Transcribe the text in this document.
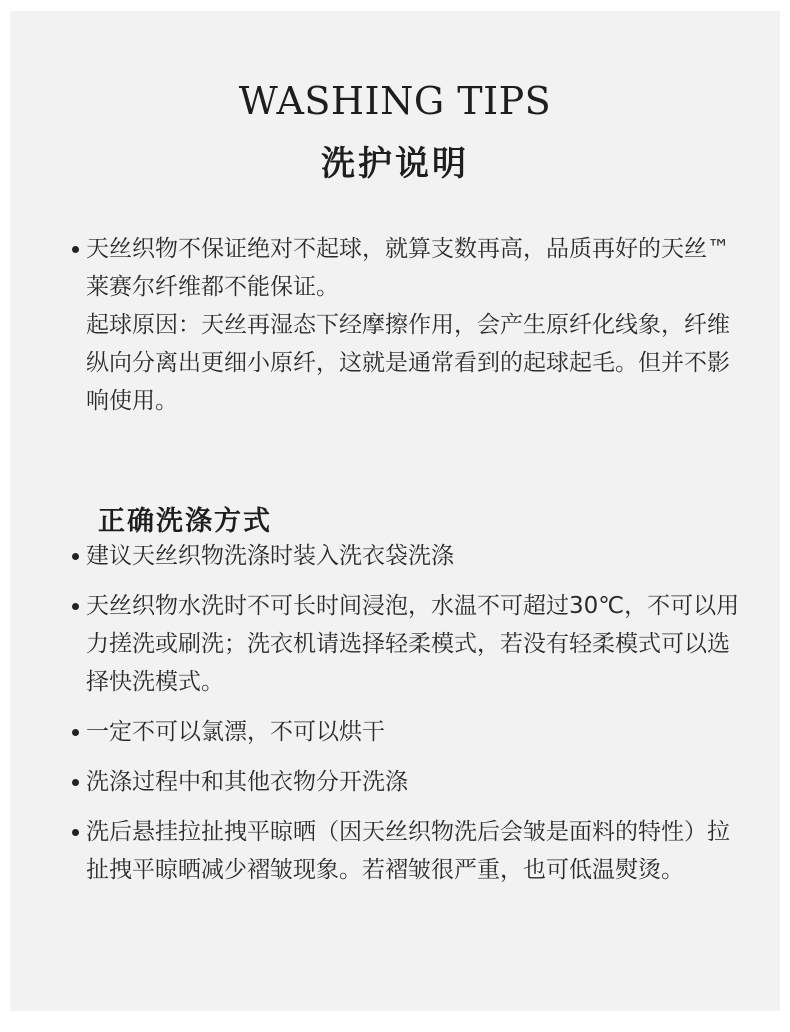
WASHING TIPS
洗护说明

天丝织物不保证绝对不起球，就算支数再高，品质再好的天丝™莱赛尔纤维都不能保证。

起球原因：天丝再湿态下经摩擦作用，会产生原纤化线象，纤维纵向分离出更细小原纤，这就是通常看到的起球起毛。但并不影响使用。

正确洗涤方式

建议天丝织物洗涤时装入洗衣袋洗涤

天丝织物水洗时不可长时间浸泡，水温不可超过30℃，不可以用力搓洗或刷洗；洗衣机请选择轻柔模式，若没有轻柔模式可以选择快洗模式。

一定不可以氯漂，不可以烘干

洗涤过程中和其他衣物分开洗涤

洗后悬挂拉扯拽平晾晒（因天丝织物洗后会皱是面料的特性）拉扯拽平晾晒减少褶皱现象。若褶皱很严重，也可低温熨烫。
